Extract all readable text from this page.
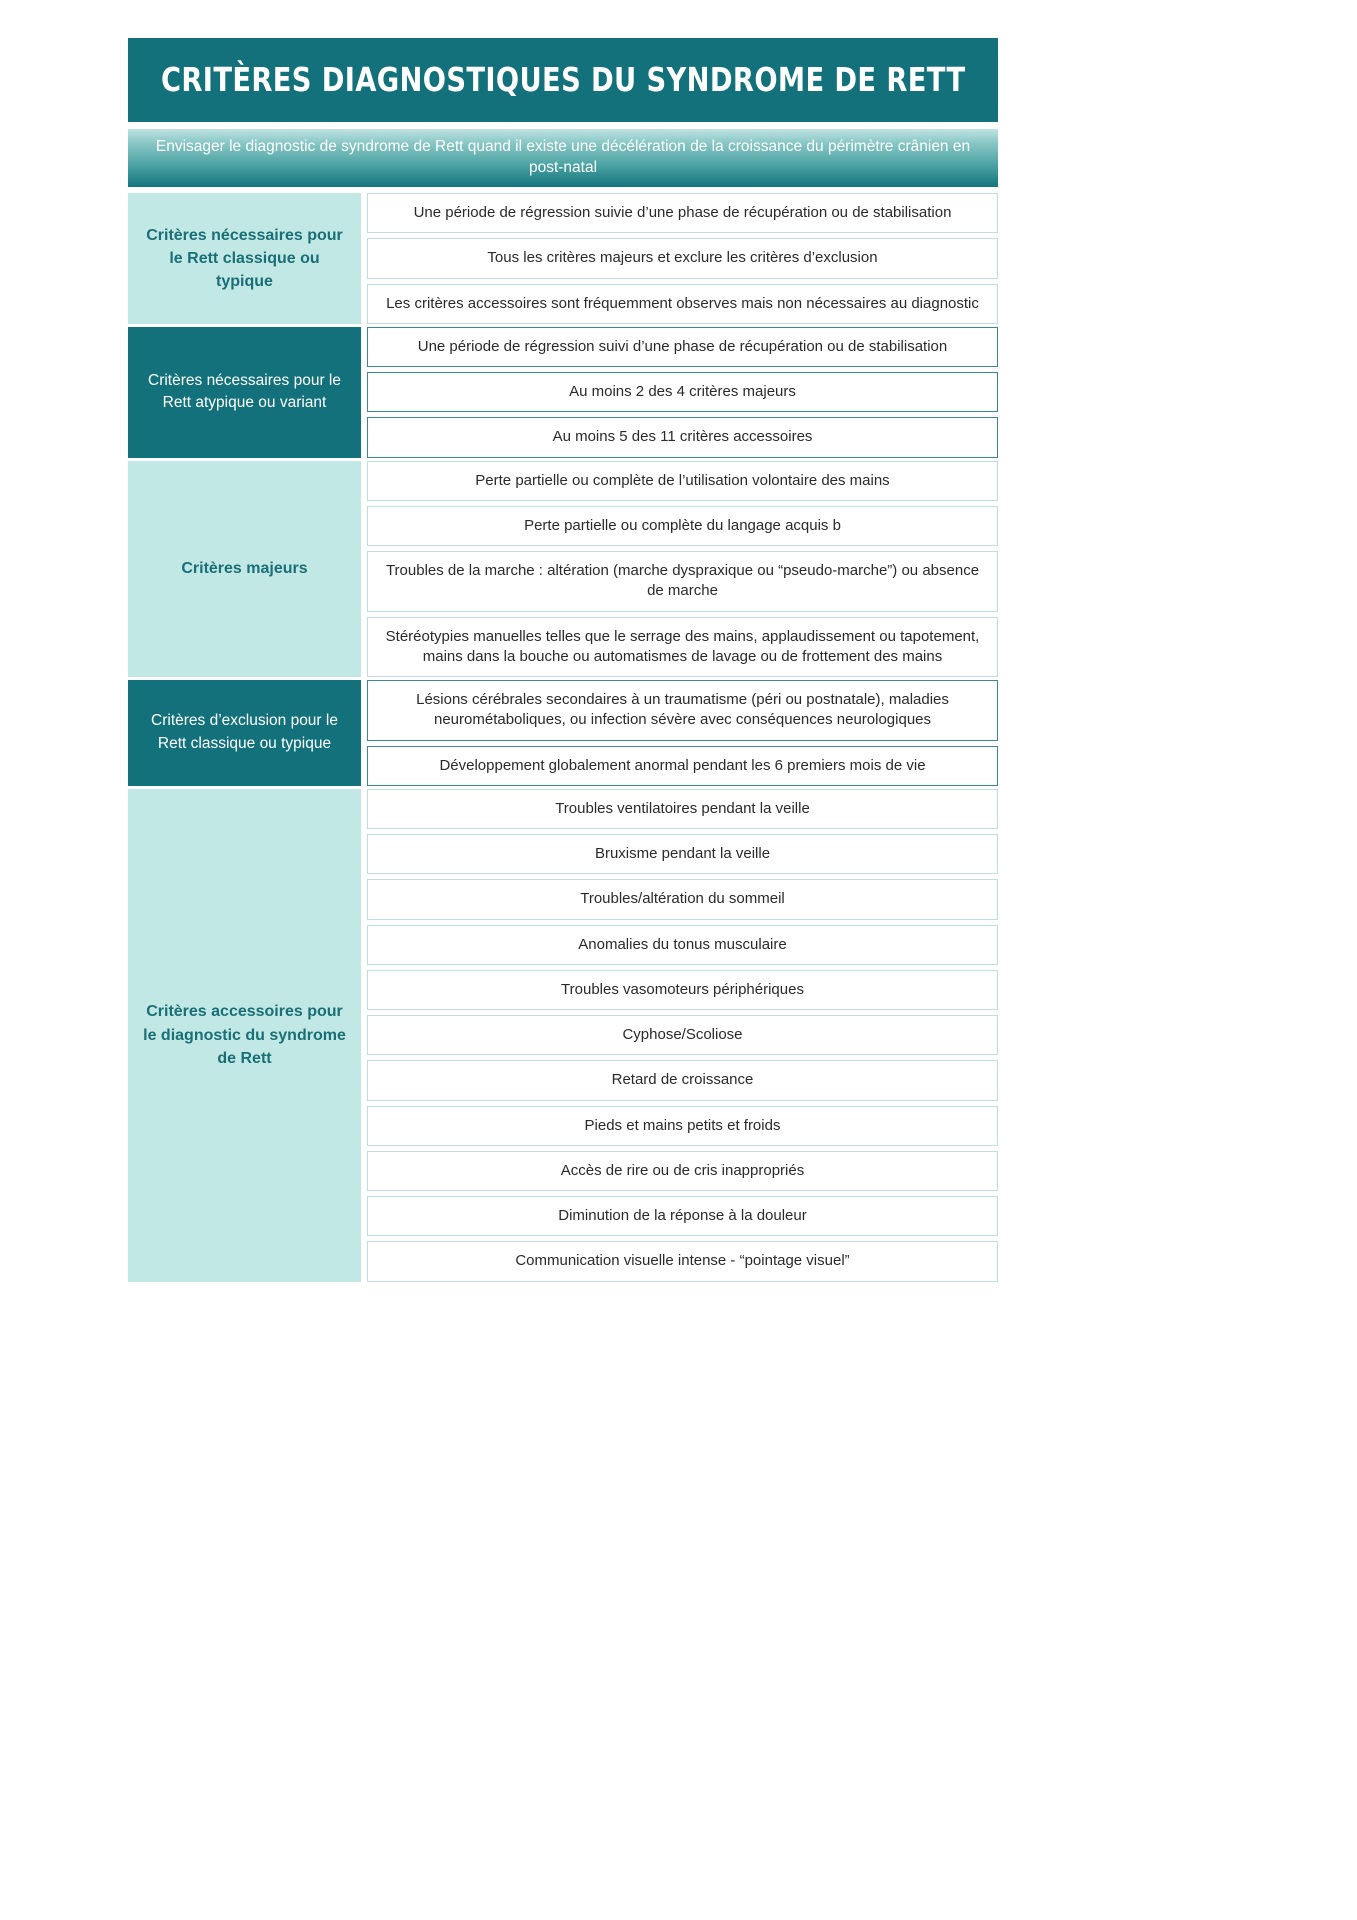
CRITÈRES DIAGNOSTIQUES DU SYNDROME DE RETT
Envisager le diagnostic de syndrome de Rett quand il existe une décélération de la croissance du périmètre crânien en post-natal
Critères nécessaires pour le Rett classique ou typique
Une période de régression suivie d’une phase de récupération ou de stabilisation
Tous les critères majeurs et exclure les critères d’exclusion
Les critères accessoires sont fréquemment observes mais non nécessaires au diagnostic
Critères nécessaires pour le Rett atypique ou variant
Une période de régression suivi d’une phase de récupération ou de stabilisation
Au moins 2 des 4 critères majeurs
Au moins 5 des 11 critères accessoires
Critères majeurs
Perte partielle ou complète de l’utilisation volontaire des mains
Perte partielle ou complète du langage acquis b
Troubles de la marche : altération (marche dyspraxique ou “pseudo-marche”) ou absence de marche
Stéréotypies manuelles telles que le serrage des mains, applaudissement ou tapotement, mains dans la bouche ou automatismes de lavage ou de frottement des mains
Critères d’exclusion pour le Rett classique ou typique
Lésions cérébrales secondaires à un traumatisme (péri ou postnatale), maladies neurométaboliques, ou infection sévère avec conséquences neurologiques
Développement globalement anormal pendant les 6 premiers mois de vie
Critères accessoires pour le diagnostic du syndrome de Rett
Troubles ventilatoires pendant la veille
Bruxisme pendant la veille
Troubles/altération du sommeil
Anomalies du tonus musculaire
Troubles vasomoteurs périphériques
Cyphose/Scoliose
Retard de croissance
Pieds et mains petits et froids
Accès de rire ou de cris inappropriés
Diminution de la réponse à la douleur
Communication visuelle intense - “pointage visuel”
